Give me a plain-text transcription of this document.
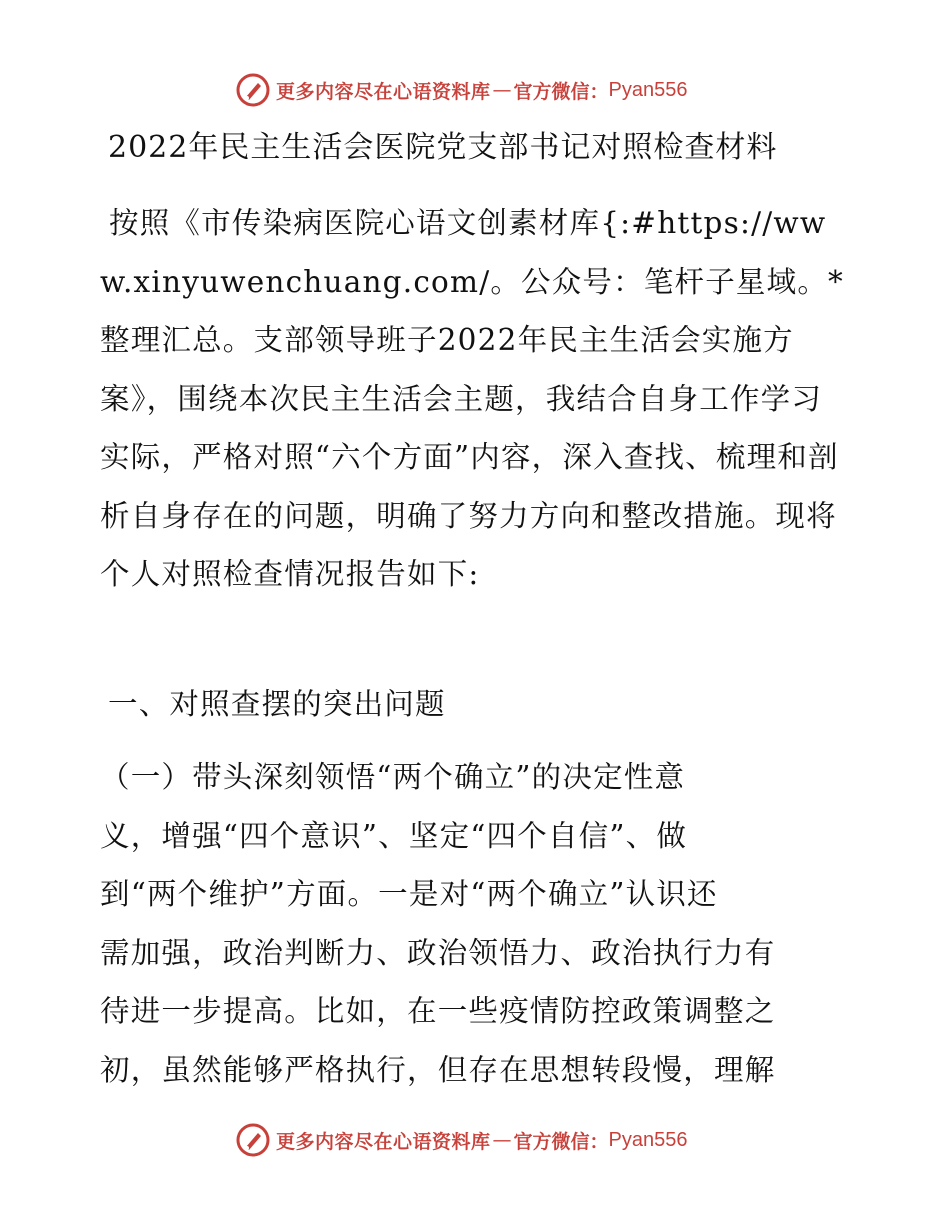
更多内容尽在心语资料库 — 官方微信： Pyan556
2022年民主生活会医院党支部书记对照检查材料
按照《市传染病医院心语文创素材库{:#https://www.xinyuwenchuang.com/。公众号：笔杆子星域。*整理汇总。支部领导班子2022年民主生活会实施方案》，围绕本次民主生活会主题，我结合自身工作学习实际，严格对照“六个方面”内容，深入查找、梳理和剖析自身存在的问题，明确了努力方向和整改措施。现将个人对照检查情况报告如下:
一、对照查摆的突出问题
（一）带头深刻领悟“两个确立”的决定性意
义，增强“四个意识”、坚定“四个自信”、做
到“两个维护”方面。一是对“两个确立”认识还
需加强，政治判断力、政治领悟力、政治执行力有
待进一步提高。比如，在一些疫情防控政策调整之
初，虽然能够严格执行，但存在思想转段慢，理解
更多内容尽在心语资料库 — 官方微信： Pyan556
